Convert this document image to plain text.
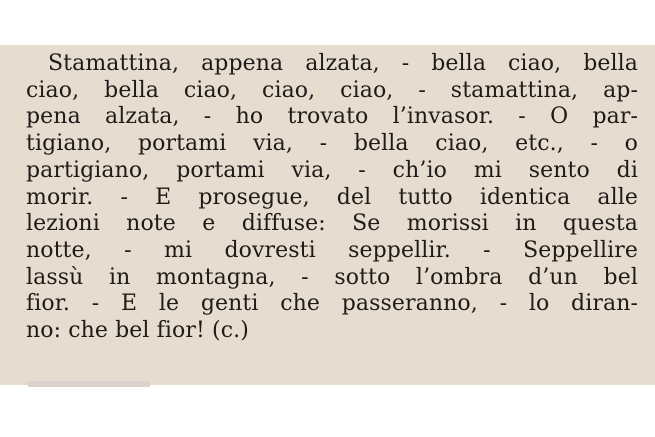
Stamattina, appena alzata, - bella ciao, bella
ciao, bella ciao, ciao, ciao, - stamattina, ap-
pena alzata, - ho trovato l’invasor. - O par-
tigiano, portami via, - bella ciao, etc., - o
partigiano, portami via, - ch’io mi sento di
morir. - E prosegue, del tutto identica alle
lezioni note e diffuse: Se morissi in questa
notte, - mi dovresti seppellir. - Seppellire
lassù in montagna, - sotto l’ombra d’un bel
fior. - E le genti che passeranno, - lo diran-
no: che bel fior! (c.)
